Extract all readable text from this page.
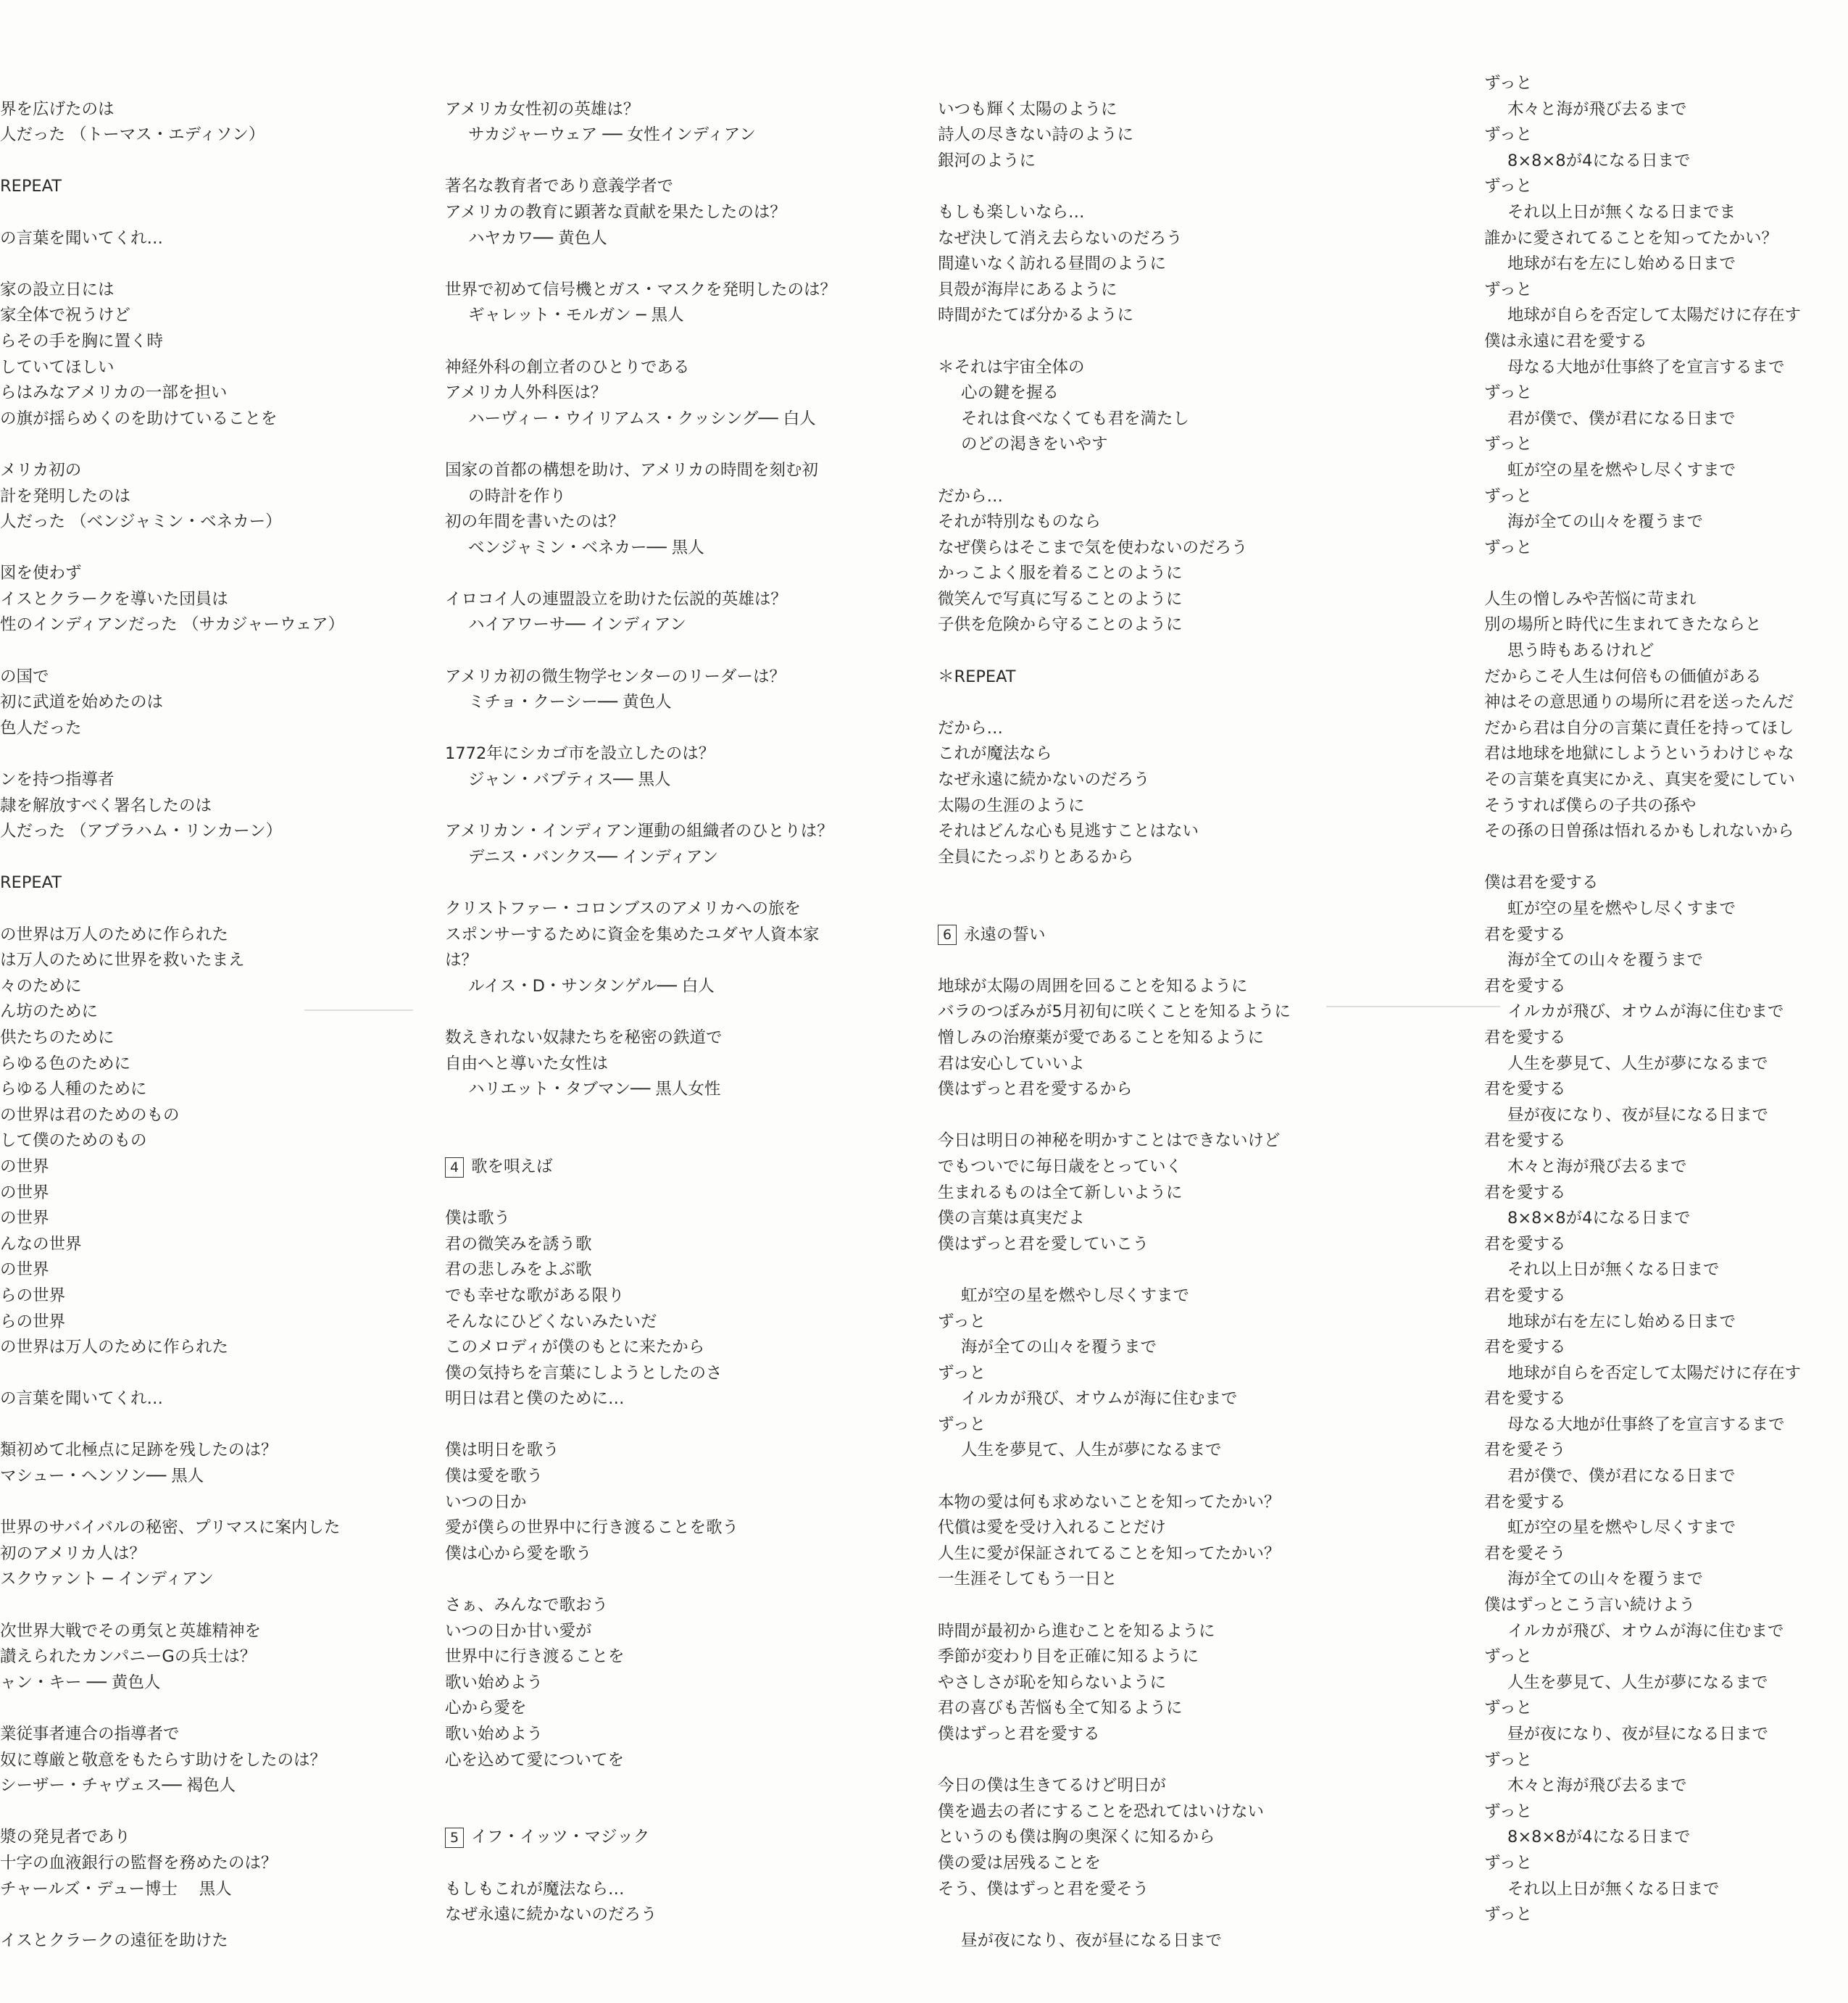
界を広げたのは
人だった （トーマス・エディソン）
REPEAT
の言葉を聞いてくれ…
家の設立日には
家全体で祝うけど
らその手を胸に置く時
していてほしい
らはみなアメリカの一部を担い
の旗が揺らめくのを助けていることを
メリカ初の
計を発明したのは
人だった （ベンジャミン・ベネカー）
図を使わず
イスとクラークを導いた団員は
性のインディアンだった （サカジャーウェア）
の国で
初に武道を始めたのは
色人だった
ンを持つ指導者
隷を解放すべく署名したのは
人だった （アブラハム・リンカーン）
REPEAT
の世界は万人のために作られた
は万人のために世界を救いたまえ
々のために
ん坊のために
供たちのために
らゆる色のために
らゆる人種のために
の世界は君のためのもの
して僕のためのもの
の世界
の世界
の世界
んなの世界
の世界
らの世界
らの世界
の世界は万人のために作られた
の言葉を聞いてくれ…
類初めて北極点に足跡を残したのは？
マシュー・ヘンソン── 黒人
世界のサバイバルの秘密、プリマスに案内した
初のアメリカ人は？
スクウァント ─ インディアン
次世界大戦でその勇気と英雄精神を
讃えられたカンパニーGの兵士は？
ャン・キー ── 黄色人
業従事者連合の指導者で
奴に尊厳と敬意をもたらす助けをしたのは？
シーザー・チャヴェス── 褐色人
漿の発見者であり
十字の血液銀行の監督を務めたのは？
チャールズ・デュー博士 　黒人
イスとクラークの遠征を助けた
アメリカ女性初の英雄は？
サカジャーウェア ── 女性インディアン
著名な教育者であり意義学者で
アメリカの教育に顕著な貢献を果たしたのは？
ハヤカワ── 黄色人
世界で初めて信号機とガス・マスクを発明したのは？
ギャレット・モルガン ─ 黒人
神経外科の創立者のひとりである
アメリカ人外科医は？
ハーヴィー・ウイリアムス・クッシング── 白人
国家の首都の構想を助け、アメリカの時間を刻む初
の時計を作り
初の年間を書いたのは？
ベンジャミン・ベネカー── 黒人
イロコイ人の連盟設立を助けた伝説的英雄は？
ハイアワーサ── インディアン
アメリカ初の微生物学センターのリーダーは？
ミチョ・クーシー── 黄色人
1772年にシカゴ市を設立したのは？
ジャン・バプティス── 黒人
アメリカン・インディアン運動の組織者のひとりは？
デニス・バンクス── インディアン
クリストファー・コロンブスのアメリカへの旅を
スポンサーするために資金を集めたユダヤ人資本家
は？
ルイス・D・サンタンゲル── 白人
数えきれない奴隷たちを秘密の鉄道で
自由へと導いた女性は
ハリエット・タブマン── 黒人女性
4 歌を唄えば
僕は歌う
君の微笑みを誘う歌
君の悲しみをよぶ歌
でも幸せな歌がある限り
そんなにひどくないみたいだ
このメロディが僕のもとに来たから
僕の気持ちを言葉にしようとしたのさ
明日は君と僕のために…
僕は明日を歌う
僕は愛を歌う
いつの日か
愛が僕らの世界中に行き渡ることを歌う
僕は心から愛を歌う
さぁ、みんなで歌おう
いつの日か甘い愛が
世界中に行き渡ることを
歌い始めよう
心から愛を
歌い始めよう
心を込めて愛についてを
5 イフ・イッツ・マジック
もしもこれが魔法なら…
なぜ永遠に続かないのだろう
いつも輝く太陽のように
詩人の尽きない詩のように
銀河のように
もしも楽しいなら…
なぜ決して消え去らないのだろう
間違いなく訪れる昼間のように
貝殻が海岸にあるように
時間がたてば分かるように
＊それは宇宙全体の
心の鍵を握る
それは食べなくても君を満たし
のどの渇きをいやす
だから…
それが特別なものなら
なぜ僕らはそこまで気を使わないのだろう
かっこよく服を着ることのように
微笑んで写真に写ることのように
子供を危険から守ることのように
＊REPEAT
だから…
これが魔法なら
なぜ永遠に続かないのだろう
太陽の生涯のように
それはどんな心も見逃すことはない
全員にたっぷりとあるから
6 永遠の誓い
地球が太陽の周囲を回ることを知るように
バラのつぼみが5月初旬に咲くことを知るように
憎しみの治療薬が愛であることを知るように
君は安心していいよ
僕はずっと君を愛するから
今日は明日の神秘を明かすことはできないけど
でもついでに毎日歳をとっていく
生まれるものは全て新しいように
僕の言葉は真実だよ
僕はずっと君を愛していこう
虹が空の星を燃やし尽くすまで
ずっと
海が全ての山々を覆うまで
ずっと
イルカが飛び、オウムが海に住むまで
ずっと
人生を夢見て、人生が夢になるまで
本物の愛は何も求めないことを知ってたかい？
代償は愛を受け入れることだけ
人生に愛が保証されてることを知ってたかい？
一生涯そしてもう一日と
時間が最初から進むことを知るように
季節が変わり目を正確に知るように
やさしさが恥を知らないように
君の喜びも苦悩も全て知るように
僕はずっと君を愛する
今日の僕は生きてるけど明日が
僕を過去の者にすることを恐れてはいけない
というのも僕は胸の奥深くに知るから
僕の愛は居残ることを
そう、僕はずっと君を愛そう
昼が夜になり、夜が昼になる日まで
ずっと
木々と海が飛び去るまで
ずっと
8×8×8が4になる日まで
ずっと
それ以上日が無くなる日までま
誰かに愛されてることを知ってたかい？
地球が右を左にし始める日まで
ずっと
地球が自らを否定して太陽だけに存在す
僕は永遠に君を愛する
母なる大地が仕事終了を宣言するまで
ずっと
君が僕で、僕が君になる日まで
ずっと
虹が空の星を燃やし尽くすまで
ずっと
海が全ての山々を覆うまで
ずっと
人生の憎しみや苦悩に苛まれ
別の場所と時代に生まれてきたならと
思う時もあるけれど
だからこそ人生は何倍もの価値がある
神はその意思通りの場所に君を送ったんだ
だから君は自分の言葉に責任を持ってほし
君は地球を地獄にしようというわけじゃな
その言葉を真実にかえ、真実を愛にしてい
そうすれば僕らの子共の孫や
その孫の日曽孫は悟れるかもしれないから
僕は君を愛する
虹が空の星を燃やし尽くすまで
君を愛する
海が全ての山々を覆うまで
君を愛する
イルカが飛び、オウムが海に住むまで
君を愛する
人生を夢見て、人生が夢になるまで
君を愛する
昼が夜になり、夜が昼になる日まで
君を愛する
木々と海が飛び去るまで
君を愛する
8×8×8が4になる日まで
君を愛する
それ以上日が無くなる日まで
君を愛する
地球が右を左にし始める日まで
君を愛する
地球が自らを否定して太陽だけに存在す
君を愛する
母なる大地が仕事終了を宣言するまで
君を愛そう
君が僕で、僕が君になる日まで
君を愛する
虹が空の星を燃やし尽くすまで
君を愛そう
海が全ての山々を覆うまで
僕はずっとこう言い続けよう
イルカが飛び、オウムが海に住むまで
ずっと
人生を夢見て、人生が夢になるまで
ずっと
昼が夜になり、夜が昼になる日まで
ずっと
木々と海が飛び去るまで
ずっと
8×8×8が4になる日まで
ずっと
それ以上日が無くなる日まで
ずっと
